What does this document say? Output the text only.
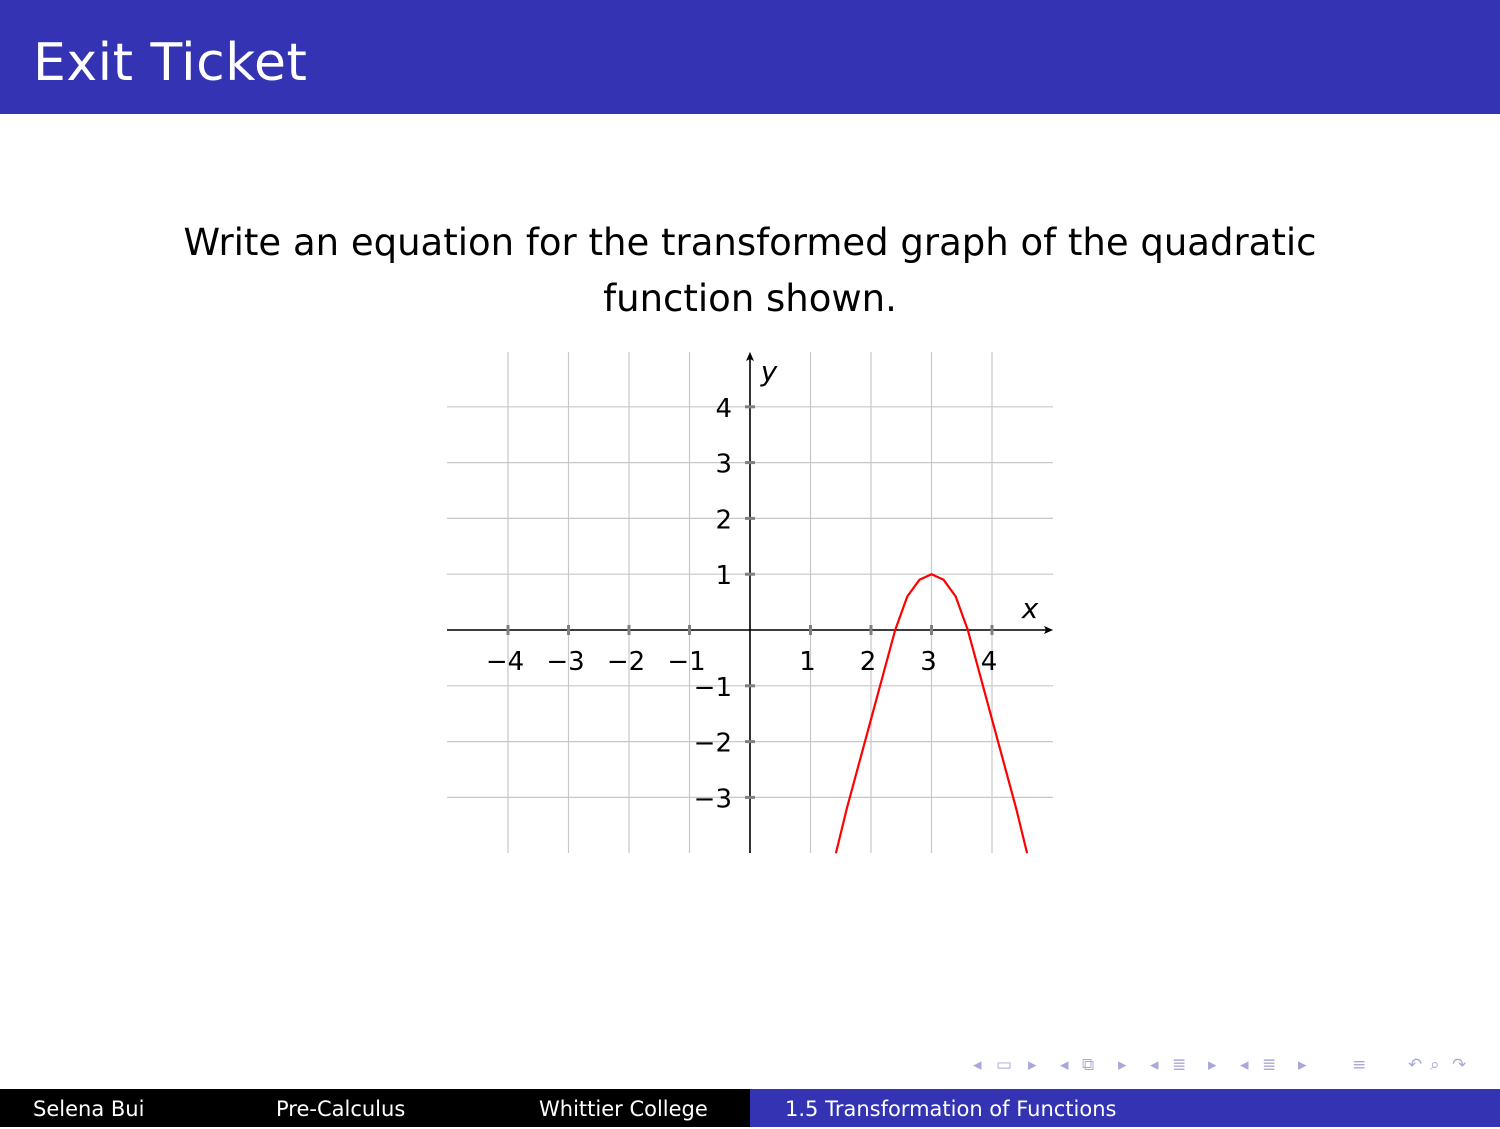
Exit Ticket
Write an equation for the transformed graph of the quadratic
function shown.
x
y
−4 −3 −2 −1	1 2 3 4
4
3
2
1
−1
−2
−3
◂ ▭ ▸ ◂ ⧉ ▸ ◂ ≣ ▸ ◂ ≣ ▸	≡ ↶ ⌕ ↷
Selena Bui	Pre-Calculus	Whittier College	1.5 Transformation of Functions
